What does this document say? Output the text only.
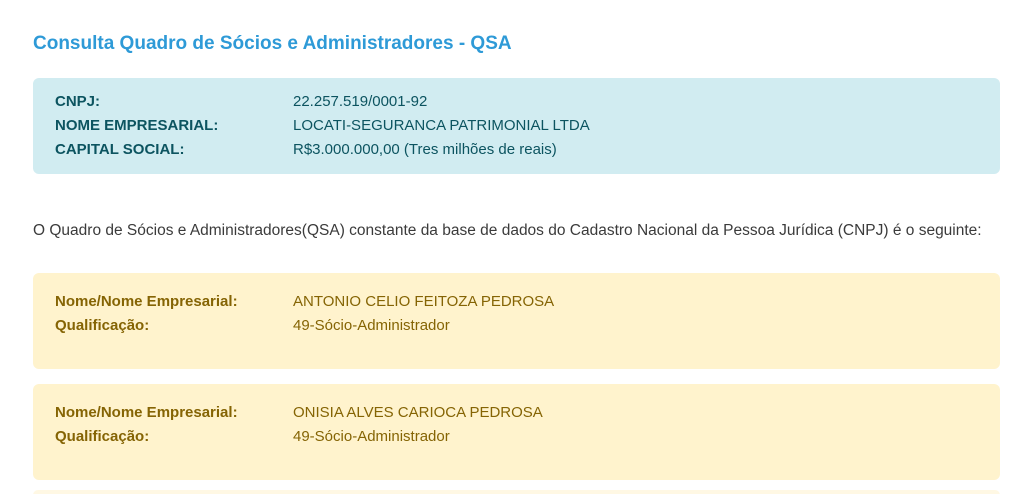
Consulta Quadro de Sócios e Administradores - QSA
CNPJ:	22.257.519/0001-92
NOME EMPRESARIAL:	LOCATI-SEGURANCA PATRIMONIAL LTDA
CAPITAL SOCIAL:	R$3.000.000,00 (Tres milhões de reais)

O Quadro de Sócios e Administradores(QSA) constante da base de dados do Cadastro Nacional da Pessoa Jurídica (CNPJ) é o seguinte:

Nome/Nome Empresarial:	ANTONIO CELIO FEITOZA PEDROSA
Qualificação:	49-Sócio-Administrador
Nome/Nome Empresarial:	ONISIA ALVES CARIOCA PEDROSA
Qualificação:	49-Sócio-Administrador
